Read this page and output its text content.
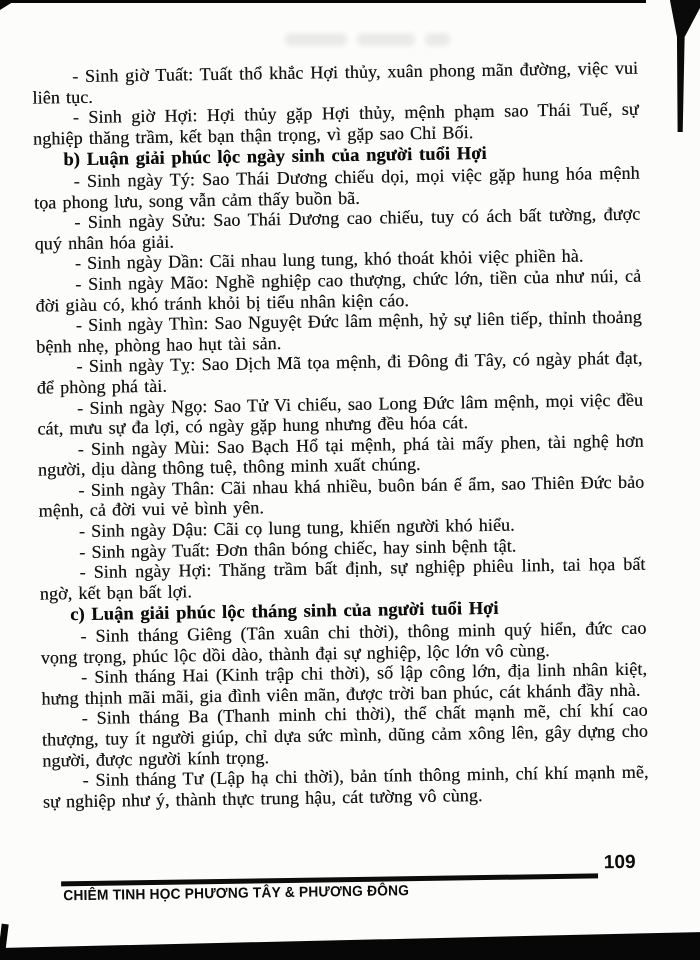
- Sinh giờ Tuất: Tuất thổ khắc Hợi thủy, xuân phong mãn đường, việc vui liên tục.

- Sinh giờ Hợi: Hợi thủy gặp Hợi thủy, mệnh phạm sao Thái Tuế, sự nghiệp thăng trầm, kết bạn thận trọng, vì gặp sao Chỉ Bối.

b) Luận giải phúc lộc ngày sinh của người tuổi Hợi

- Sinh ngày Tý: Sao Thái Dương chiếu dọi, mọi việc gặp hung hóa mệnh tọa phong lưu, song vẫn cảm thấy buồn bã.

- Sinh ngày Sửu: Sao Thái Dương cao chiếu, tuy có ách bất tường, được quý nhân hóa giải.

- Sinh ngày Dần: Cãi nhau lung tung, khó thoát khỏi việc phiền hà.

- Sinh ngày Mão: Nghề nghiệp cao thượng, chức lớn, tiền của như núi, cả đời giàu có, khó tránh khỏi bị tiểu nhân kiện cáo.

- Sinh ngày Thìn: Sao Nguyệt Đức lâm mệnh, hỷ sự liên tiếp, thỉnh thoảng bệnh nhẹ, phòng hao hụt tài sản.

- Sinh ngày Tỵ: Sao Dịch Mã tọa mệnh, đi Đông đi Tây, có ngày phát đạt, để phòng phá tài.

- Sinh ngày Ngọ: Sao Tử Vi chiếu, sao Long Đức lâm mệnh, mọi việc đều cát, mưu sự đa lợi, có ngày gặp hung nhưng đều hóa cát.

- Sinh ngày Mùi: Sao Bạch Hổ tại mệnh, phá tài mấy phen, tài nghệ hơn người, dịu dàng thông tuệ, thông minh xuất chúng.

- Sinh ngày Thân: Cãi nhau khá nhiều, buôn bán ế ẩm, sao Thiên Đức bảo mệnh, cả đời vui vẻ bình yên.

- Sinh ngày Dậu: Cãi cọ lung tung, khiến người khó hiểu.

- Sinh ngày Tuất: Đơn thân bóng chiếc, hay sinh bệnh tật.

- Sinh ngày Hợi: Thăng trầm bất định, sự nghiệp phiêu linh, tai họa bất ngờ, kết bạn bất lợi.

c) Luận giải phúc lộc tháng sinh của người tuổi Hợi

- Sinh tháng Giêng (Tân xuân chi thời), thông minh quý hiển, đức cao vọng trọng, phúc lộc dồi dào, thành đại sự nghiệp, lộc lớn vô cùng.

- Sinh tháng Hai (Kinh trập chi thời), số lập công lớn, địa linh nhân kiệt, hưng thịnh mãi mãi, gia đình viên mãn, được trời ban phúc, cát khánh đầy nhà.

- Sinh tháng Ba (Thanh minh chi thời), thể chất mạnh mẽ, chí khí cao thượng, tuy ít người giúp, chỉ dựa sức mình, dũng cảm xông lên, gây dựng cho người, được người kính trọng.

- Sinh tháng Tư (Lập hạ chi thời), bản tính thông minh, chí khí mạnh mẽ, sự nghiệp như ý, thành thực trung hậu, cát tường vô cùng.

CHIÊM TINH HỌC PHƯƠNG TÂY & PHƯƠNG ĐÔNG
109
